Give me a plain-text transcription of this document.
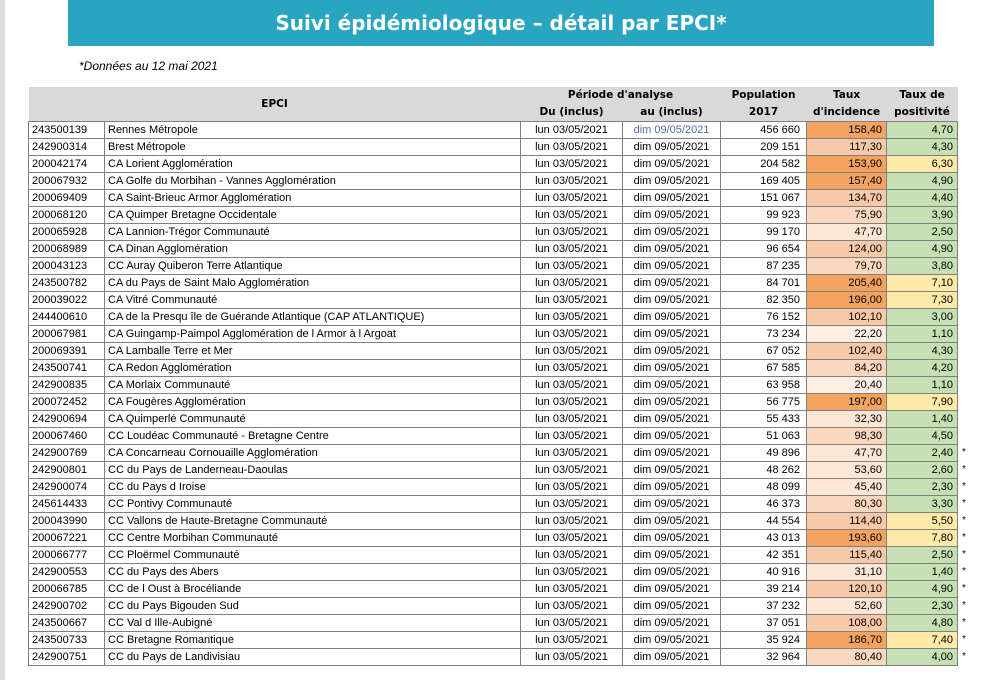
Suivi épidémiologique – détail par EPCI*
*Données au 12 mai 2021
EPCI		Période d'analyse		Population	Taux	Taux de	
		Du (inclus)	au (inclus)	2017	d'incidence	positivité	
243500139	Rennes Métropole	lun 03/05/2021	dim 09/05/2021	456 660	158,40	4,70	
242900314	Brest Métropole	lun 03/05/2021	dim 09/05/2021	209 151	117,30	4,30	
200042174	CA Lorient Agglomération	lun 03/05/2021	dim 09/05/2021	204 582	153,90	6,30	
200067932	CA Golfe du Morbihan - Vannes Agglomération	lun 03/05/2021	dim 09/05/2021	169 405	157,40	4,90	
200069409	CA Saint-Brieuc Armor Agglomération	lun 03/05/2021	dim 09/05/2021	151 067	134,70	4,40	
200068120	CA Quimper Bretagne Occidentale	lun 03/05/2021	dim 09/05/2021	99 923	75,90	3,90	
200065928	CA Lannion-Trégor Communauté	lun 03/05/2021	dim 09/05/2021	99 170	47,70	2,50	
200068989	CA Dinan Agglomération	lun 03/05/2021	dim 09/05/2021	96 654	124,00	4,90	
200043123	CC Auray Quiberon Terre Atlantique	lun 03/05/2021	dim 09/05/2021	87 235	79,70	3,80	
243500782	CA du Pays de Saint Malo Agglomération	lun 03/05/2021	dim 09/05/2021	84 701	205,40	7,10	
200039022	CA Vitré Communauté	lun 03/05/2021	dim 09/05/2021	82 350	196,00	7,30	
244400610	CA de la Presqu île de Guérande Atlantique (CAP ATLANTIQUE)	lun 03/05/2021	dim 09/05/2021	76 152	102,10	3,00	
200067981	CA Guingamp-Paimpol Agglomération de l Armor à l Argoat	lun 03/05/2021	dim 09/05/2021	73 234	22,20	1,10	
200069391	CA Lamballe Terre et Mer	lun 03/05/2021	dim 09/05/2021	67 052	102,40	4,30	
243500741	CA Redon Agglomération	lun 03/05/2021	dim 09/05/2021	67 585	84,20	4,20	
242900835	CA Morlaix Communauté	lun 03/05/2021	dim 09/05/2021	63 958	20,40	1,10	
200072452	CA Fougères Agglomération	lun 03/05/2021	dim 09/05/2021	56 775	197,00	7,90	
242900694	CA Quimperlé Communauté	lun 03/05/2021	dim 09/05/2021	55 433	32,30	1,40	
200067460	CC Loudéac Communauté - Bretagne Centre	lun 03/05/2021	dim 09/05/2021	51 063	98,30	4,50	
242900769	CA Concarneau Cornouaille Agglomération	lun 03/05/2021	dim 09/05/2021	49 896	47,70	2,40	*
242900801	CC du Pays de Landerneau-Daoulas	lun 03/05/2021	dim 09/05/2021	48 262	53,60	2,60	*
242900074	CC du Pays d Iroise	lun 03/05/2021	dim 09/05/2021	48 099	45,40	2,30	*
245614433	CC Pontivy Communauté	lun 03/05/2021	dim 09/05/2021	46 373	80,30	3,30	*
200043990	CC Vallons de Haute-Bretagne Communauté	lun 03/05/2021	dim 09/05/2021	44 554	114,40	5,50	*
200067221	CC Centre Morbihan Communauté	lun 03/05/2021	dim 09/05/2021	43 013	193,60	7,80	*
200066777	CC Ploërmel Communauté	lun 03/05/2021	dim 09/05/2021	42 351	115,40	2,50	*
242900553	CC du Pays des Abers	lun 03/05/2021	dim 09/05/2021	40 916	31,10	1,40	*
200066785	CC de l Oust à Brocéliande	lun 03/05/2021	dim 09/05/2021	39 214	120,10	4,90	*
242900702	CC du Pays Bigouden Sud	lun 03/05/2021	dim 09/05/2021	37 232	52,60	2,30	*
243500667	CC Val d Ille-Aubigné	lun 03/05/2021	dim 09/05/2021	37 051	108,00	4,80	*
243500733	CC Bretagne Romantique	lun 03/05/2021	dim 09/05/2021	35 924	186,70	7,40	*
242900751	CC du Pays de Landivisiau	lun 03/05/2021	dim 09/05/2021	32 964	80,40	4,00	*
